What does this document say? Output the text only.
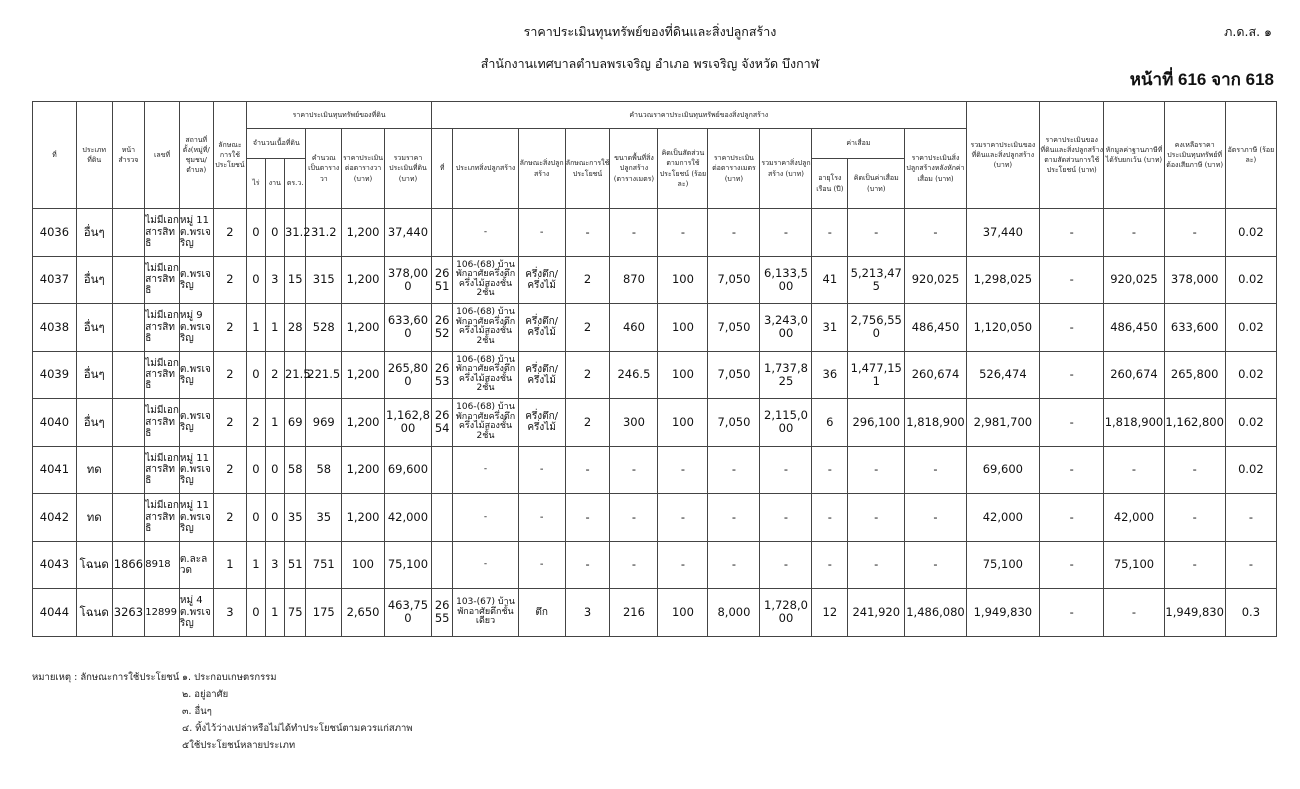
ราคาประเมินทุนทรัพย์ของที่ดินและสิ่งปลูกสร้าง
สำนักงานเทศบาลตำบลพรเจริญ อำเภอ พรเจริญ จังหวัด บึงกาฬ
ภ.ด.ส. ๑
หน้าที่ 616 จาก 618
ที่	ประเภทที่ดิน	หน้าสำรวจ	เลขที่	สถานที่ตั้ง(หมู่ที่/ชุมชน/ตำบล)	ลักษณะการใช้ประโยชน์	ราคาประเมินทุนทรัพย์ของที่ดิน						คำนวณราคาประเมินทุนทรัพย์ของสิ่งปลูกสร้าง											รวมราคาประเมินของที่ดินและสิ่งปลูกสร้าง (บาท)	ราคาประเมินของที่ดินและสิ่งปลูกสร้างตามสัดส่วนการใช้ประโยชน์ (บาท)	หักมูลค่าฐานภาษีที่ได้รับยกเว้น (บาท)	คงเหลือราคาประเมินทุนทรัพย์ที่ต้องเสียภาษี (บาท)	อัตราภาษี (ร้อยละ)
						จำนวนเนื้อที่ดิน			คำนวณเป็นตารางวา	ราคาประเมินต่อตารางวา (บาท)	รวมราคาประเมินที่ดิน (บาท)	ที่	ประเภทสิ่งปลูกสร้าง	ลักษณะสิ่งปลูกสร้าง	ลักษณะการใช้ประโยชน์	ขนาดพื้นที่สิ่งปลูกสร้าง (ตารางเมตร)	คิดเป็นสัดส่วนตามการใช้ประโยชน์ (ร้อยละ)	ราคาประเมินต่อตารางเมตร (บาท)	รวมราคาสิ่งปลูกสร้าง (บาท)	ค่าเสื่อม		ราคาประเมินสิ่งปลูกสร้างหลังหักค่าเสื่อม (บาท)					
						ไร่	งาน	ตร.ว.												อายุโรงเรือน (ปี)	คิดเป็นค่าเสื่อม (บาท)						
4036	อื่นๆ		ไม่มีเอกสารสิทธิ	หมู่ 11 ต.พรเจริญ	2	0	0	31.2	31.2	1,200	37,440		-	-	-	-	-	-	-	-	-	-	37,440	-	-	-	0.02
4037	อื่นๆ		ไม่มีเอกสารสิทธิ	ต.พรเจริญ	2	0	3	15	315	1,200	378,000	2651	106-(68) บ้านพักอาศัยครึ่งตึกครึ่งไม้สองชั้น 2ชั้น	ครึ่งตึก/ครึ่งไม้	2	870	100	7,050	6,133,500	41	5,213,475	920,025	1,298,025	-	920,025	378,000	0.02
4038	อื่นๆ		ไม่มีเอกสารสิทธิ	หมู่ 9 ต.พรเจริญ	2	1	1	28	528	1,200	633,600	2652	106-(68) บ้านพักอาศัยครึ่งตึกครึ่งไม้สองชั้น 2ชั้น	ครึ่งตึก/ครึ่งไม้	2	460	100	7,050	3,243,000	31	2,756,550	486,450	1,120,050	-	486,450	633,600	0.02
4039	อื่นๆ		ไม่มีเอกสารสิทธิ	ต.พรเจริญ	2	0	2	21.5	221.5	1,200	265,800	2653	106-(68) บ้านพักอาศัยครึ่งตึกครึ่งไม้สองชั้น 2ชั้น	ครึ่งตึก/ครึ่งไม้	2	246.5	100	7,050	1,737,825	36	1,477,151	260,674	526,474	-	260,674	265,800	0.02
4040	อื่นๆ		ไม่มีเอกสารสิทธิ	ต.พรเจริญ	2	2	1	69	969	1,200	1,162,800	2654	106-(68) บ้านพักอาศัยครึ่งตึกครึ่งไม้สองชั้น 2ชั้น	ครึ่งตึก/ครึ่งไม้	2	300	100	7,050	2,115,000	6	296,100	1,818,900	2,981,700	-	1,818,900	1,162,800	0.02
4041	ทด		ไม่มีเอกสารสิทธิ	หมู่ 11 ต.พรเจริญ	2	0	0	58	58	1,200	69,600		-	-	-	-	-	-	-	-	-	-	69,600	-	-	-	0.02
4042	ทด		ไม่มีเอกสารสิทธิ	หมู่ 11 ต.พรเจริญ	2	0	0	35	35	1,200	42,000		-	-	-	-	-	-	-	-	-	-	42,000	-	42,000	-	-
4043	โฉนด	1866	8918	ต.ละลวด	1	1	3	51	751	100	75,100		-	-	-	-	-	-	-	-	-	-	75,100	-	75,100	-	-
4044	โฉนด	3263	12899	หมู่ 4 ต.พรเจริญ	3	0	1	75	175	2,650	463,750	2655	103-(67) บ้านพักอาศัยตึกชั้นเดียว	ตึก	3	216	100	8,000	1,728,000	12	241,920	1,486,080	1,949,830	-	-	1,949,830	0.3
หมายเหตุ : ลักษณะการใช้ประโยชน์ ๑. ประกอบเกษตรกรรม
๒. อยู่อาศัย
๓. อื่นๆ
๔. ทิ้งไว้ว่างเปล่าหรือไม่ได้ทำประโยชน์ตามควรแก่สภาพ
๕ใช้ประโยชน์หลายประเภท
